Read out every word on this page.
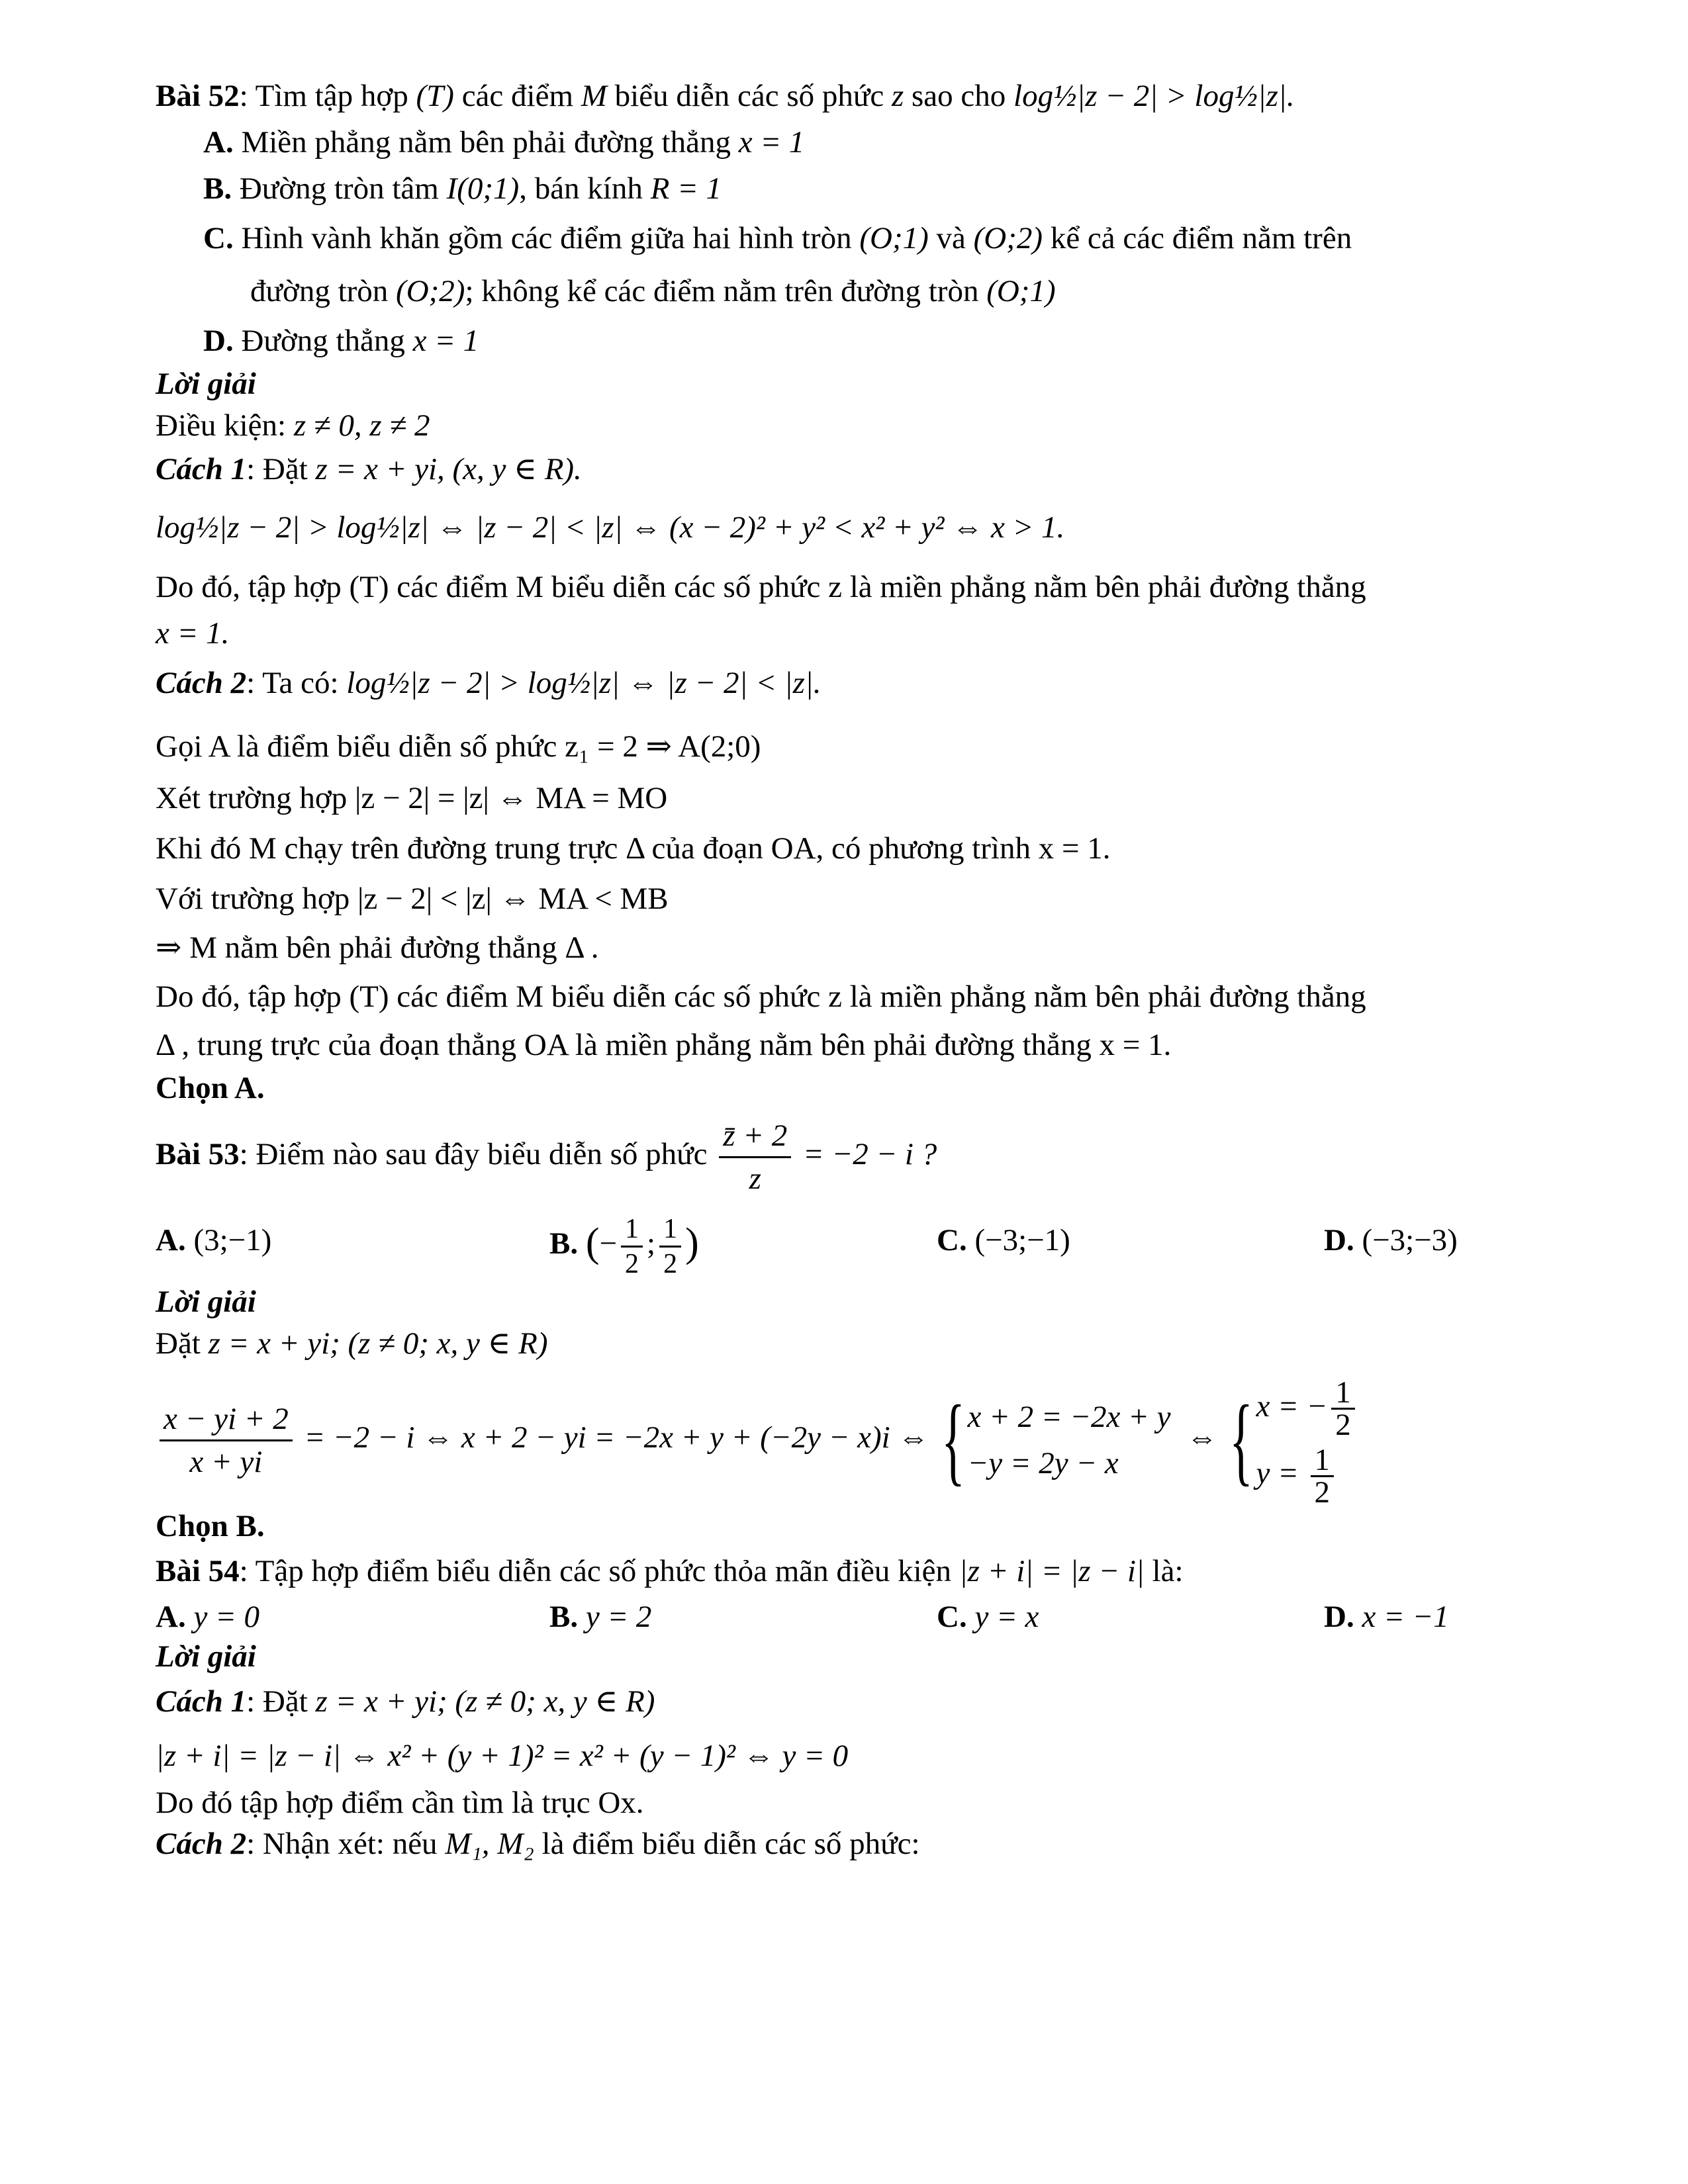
Bài 52: Tìm tập hợp (T) các điểm M biểu diễn các số phức z sao cho log½|z − 2| > log½|z|.
A. Miền phẳng nằm bên phải đường thẳng x = 1
B. Đường tròn tâm I(0;1), bán kính R = 1
C. Hình vành khăn gồm các điểm giữa hai hình tròn (O;1) và (O;2) kể cả các điểm nằm trên
đường tròn (O;2); không kể các điểm nằm trên đường tròn (O;1)
D. Đường thẳng x = 1
Lời giải
Điều kiện: z ≠ 0, z ≠ 2
Cách 1: Đặt z = x + yi, (x, y ∈ R).
log½|z − 2| > log½|z| ⇔ |z − 2| < |z| ⇔ (x − 2)² + y² < x² + y² ⇔ x > 1.
Do đó, tập hợp (T) các điểm M biểu diễn các số phức z là miền phẳng nằm bên phải đường thẳng
x = 1.
Cách 2: Ta có: log½|z − 2| > log½|z| ⇔ |z − 2| < |z|.
Gọi A là điểm biểu diễn số phức z₁ = 2 ⇒ A(2;0)
Xét trường hợp |z − 2| = |z| ⇔ MA = MO
Khi đó M chạy trên đường trung trực Δ của đoạn OA, có phương trình x = 1.
Với trường hợp |z − 2| < |z| ⇔ MA < MB
⇒ M nằm bên phải đường thẳng Δ .
Do đó, tập hợp (T) các điểm M biểu diễn các số phức z là miền phẳng nằm bên phải đường thẳng
Δ , trung trực của đoạn thẳng OA là miền phẳng nằm bên phải đường thẳng x = 1.
Chọn A.
Bài 53: Điểm nào sau đây biểu diễn số phức $\frac{z̄ + 2}{z} = -2 - i$ ?
A. (3;−1)	B. (− $\frac{1}{2}$ ; $\frac{1}{2}$ )	C. (−3;−1)	D. (−3;−3)
Lời giải
Đặt z = x + yi; (z ≠ 0; x, y ∈ R)
$\frac{x - yi + 2}{x + yi} = -2 - i$ ⇔ x + 2 − yi = −2x + y + (−2y − x)i ⇔ { x + 2 = −2x + y
−y = 2y − x
⇔ { x = − $\frac{1}{2}$
$y = \frac{1}{2}$
Chọn B.
Bài 54: Tập hợp điểm biểu diễn các số phức thỏa mãn điều kiện |z + i| = |z − i| là:
A. y = 0	B. y = 2	C. y = x	D. x = −1
Lời giải
Cách 1: Đặt z = x + yi; (z ≠ 0; x, y ∈ R)
|z + i| = |z − i| ⇔ x² + (y + 1)² = x² + (y − 1)² ⇔ y = 0
Do đó tập hợp điểm cần tìm là trục Ox.
Cách 2: Nhận xét: nếu M₁, M₂ là điểm biểu diễn các số phức:
